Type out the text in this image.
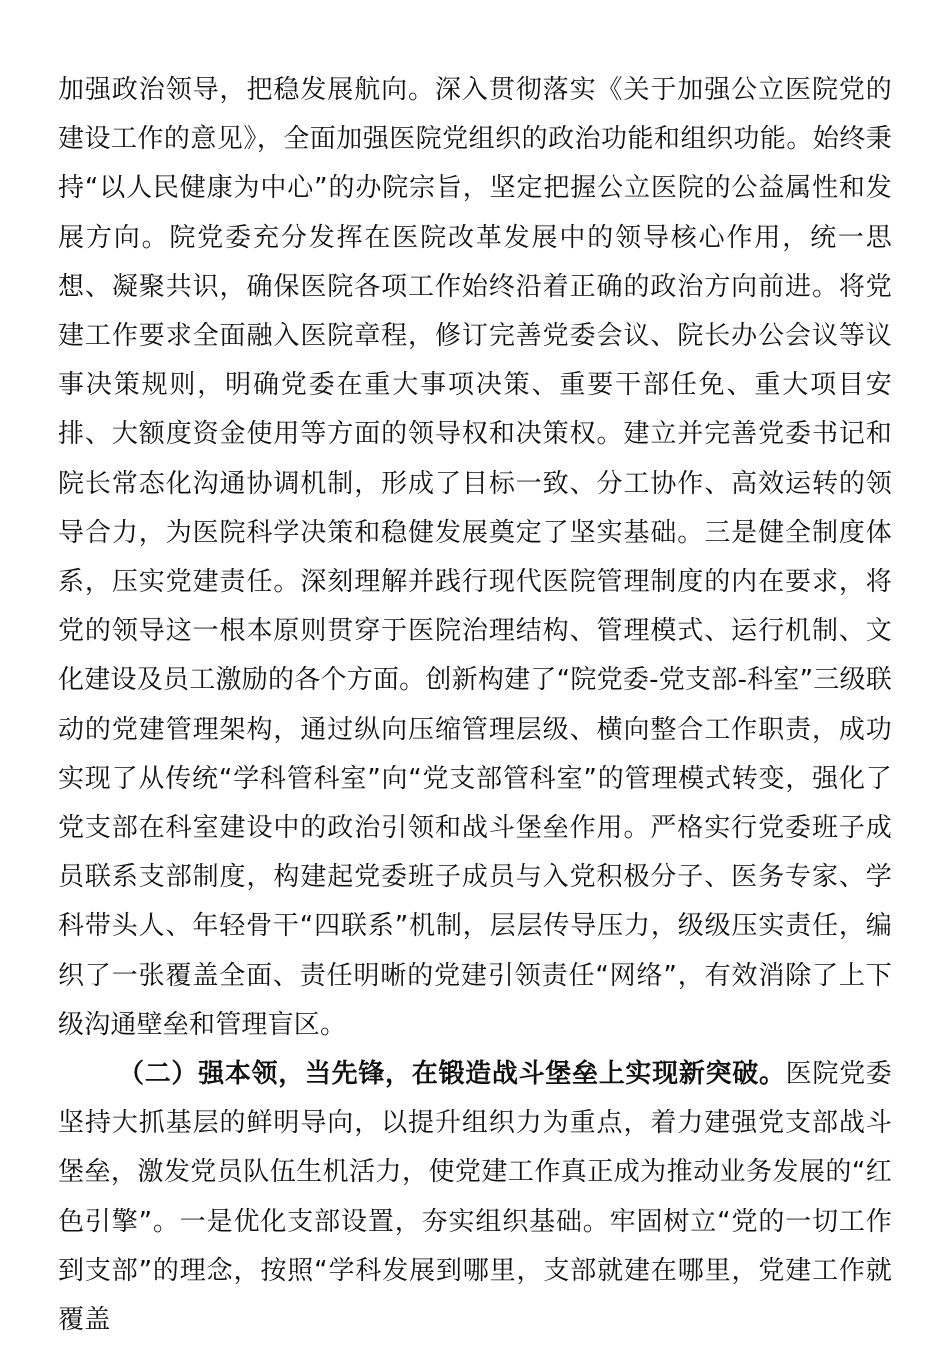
加强政治领导，把稳发展航向。深入贯彻落实《关于加强公立医院党的建设工作的意见》，全面加强医院党组织的政治功能和组织功能。始终秉持“以人民健康为中心”的办院宗旨，坚定把握公立医院的公益属性和发展方向。院党委充分发挥在医院改革发展中的领导核心作用，统一思想、凝聚共识，确保医院各项工作始终沿着正确的政治方向前进。将党建工作要求全面融入医院章程，修订完善党委会议、院长办公会议等议事决策规则，明确党委在重大事项决策、重要干部任免、重大项目安排、大额度资金使用等方面的领导权和决策权。建立并完善党委书记和院长常态化沟通协调机制，形成了目标一致、分工协作、高效运转的领导合力，为医院科学决策和稳健发展奠定了坚实基础。三是健全制度体系，压实党建责任。深刻理解并践行现代医院管理制度的内在要求，将党的领导这一根本原则贯穿于医院治理结构、管理模式、运行机制、文化建设及员工激励的各个方面。创新构建了“院党委-党支部-科室”三级联动的党建管理架构，通过纵向压缩管理层级、横向整合工作职责，成功实现了从传统“学科管科室”向“党支部管科室”的管理模式转变，强化了党支部在科室建设中的政治引领和战斗堡垒作用。严格实行党委班子成员联系支部制度，构建起党委班子成员与入党积极分子、医务专家、学科带头人、年轻骨干“四联系”机制，层层传导压力，级级压实责任，编织了一张覆盖全面、责任明晰的党建引领责任“网络”，有效消除了上下级沟通壁垒和管理盲区。

（二）强本领，当先锋，在锻造战斗堡垒上实现新突破。医院党委坚持大抓基层的鲜明导向，以提升组织力为重点，着力建强党支部战斗堡垒，激发党员队伍生机活力，使党建工作真正成为推动业务发展的“红色引擎”。一是优化支部设置，夯实组织基础。牢固树立“党的一切工作到支部”的理念，按照“学科发展到哪里，支部就建在哪里，党建工作就覆盖
